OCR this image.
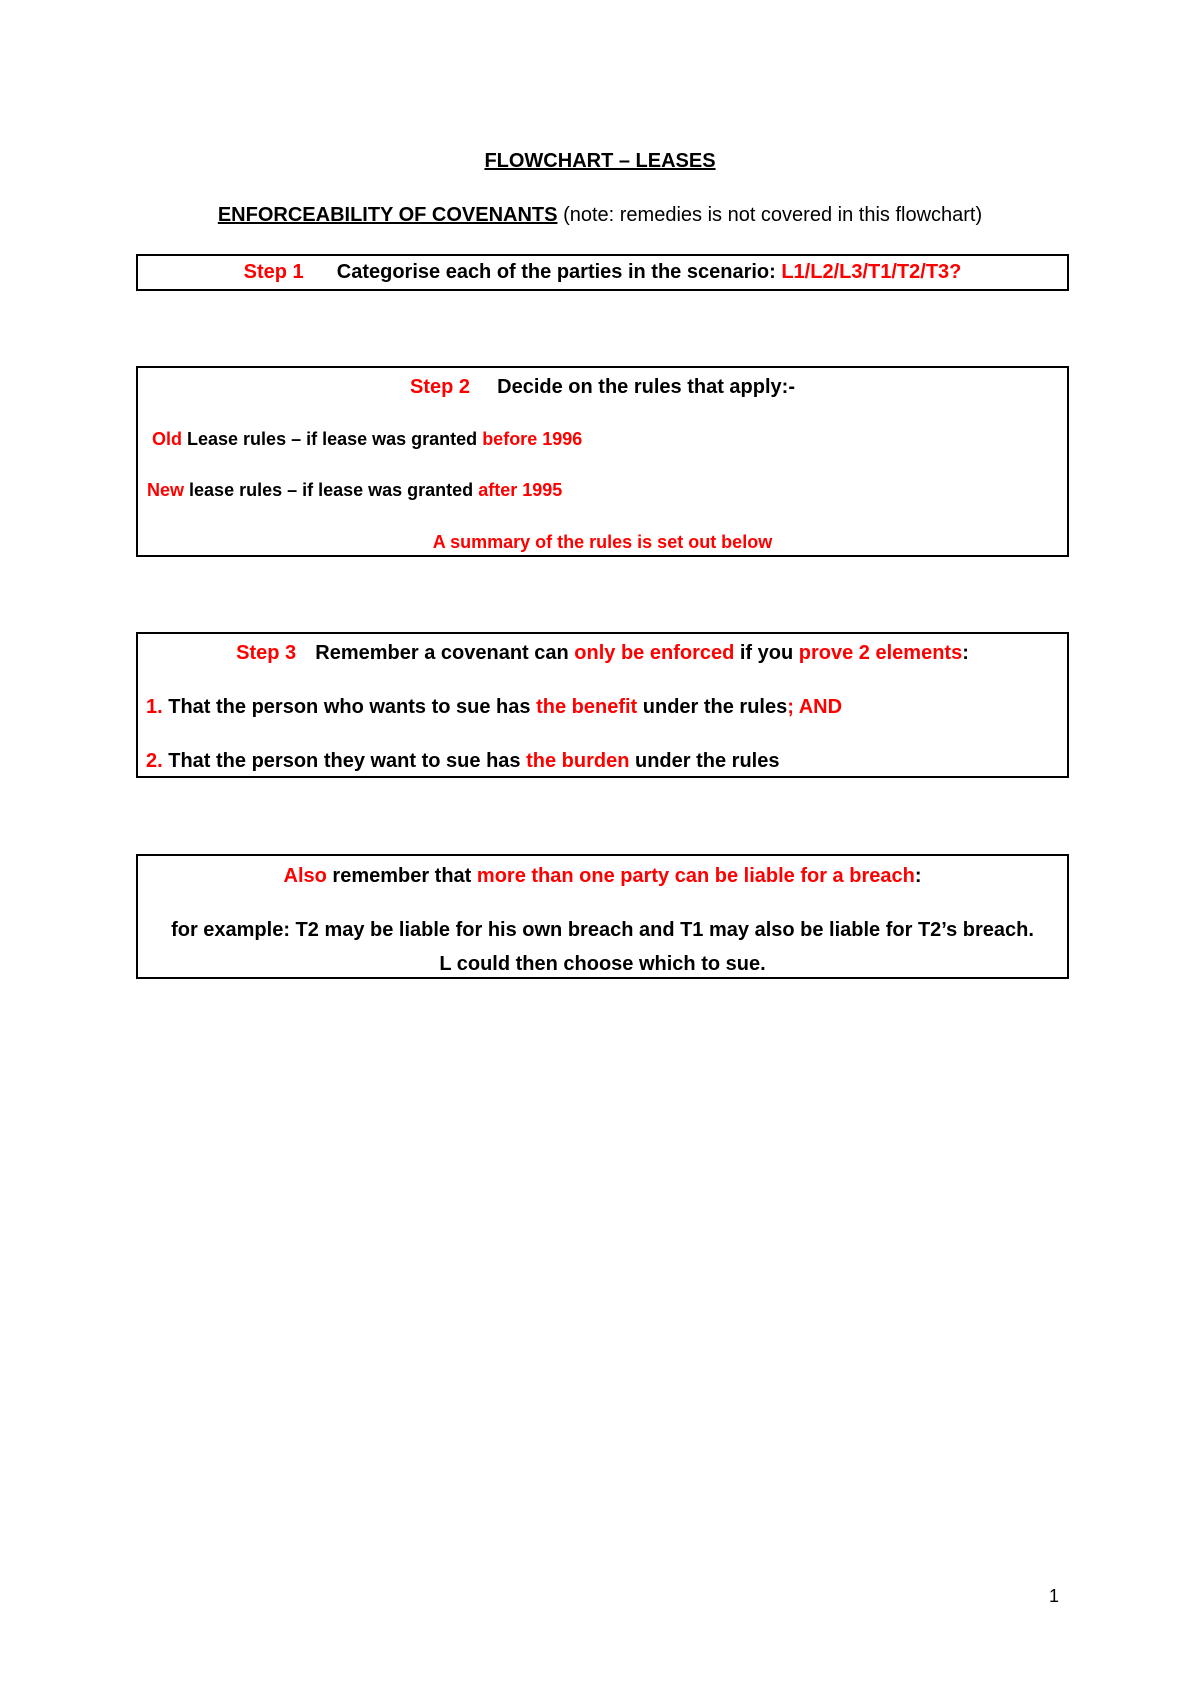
FLOWCHART – LEASES
ENFORCEABILITY OF COVENANTS (note: remedies is not covered in this flowchart)
Step 1 Categorise each of the parties in the scenario: L1/L2/L3/T1/T2/T3?
Step 2 Decide on the rules that apply:-
Old Lease rules – if lease was granted before 1996
New lease rules – if lease was granted after 1995
A summary of the rules is set out below
Step 3 Remember a covenant can only be enforced if you prove 2 elements:
1. That the person who wants to sue has the benefit under the rules; AND
2. That the person they want to sue has the burden under the rules
Also remember that more than one party can be liable for a breach:
for example: T2 may be liable for his own breach and T1 may also be liable for T2’s breach.
L could then choose which to sue.
1
